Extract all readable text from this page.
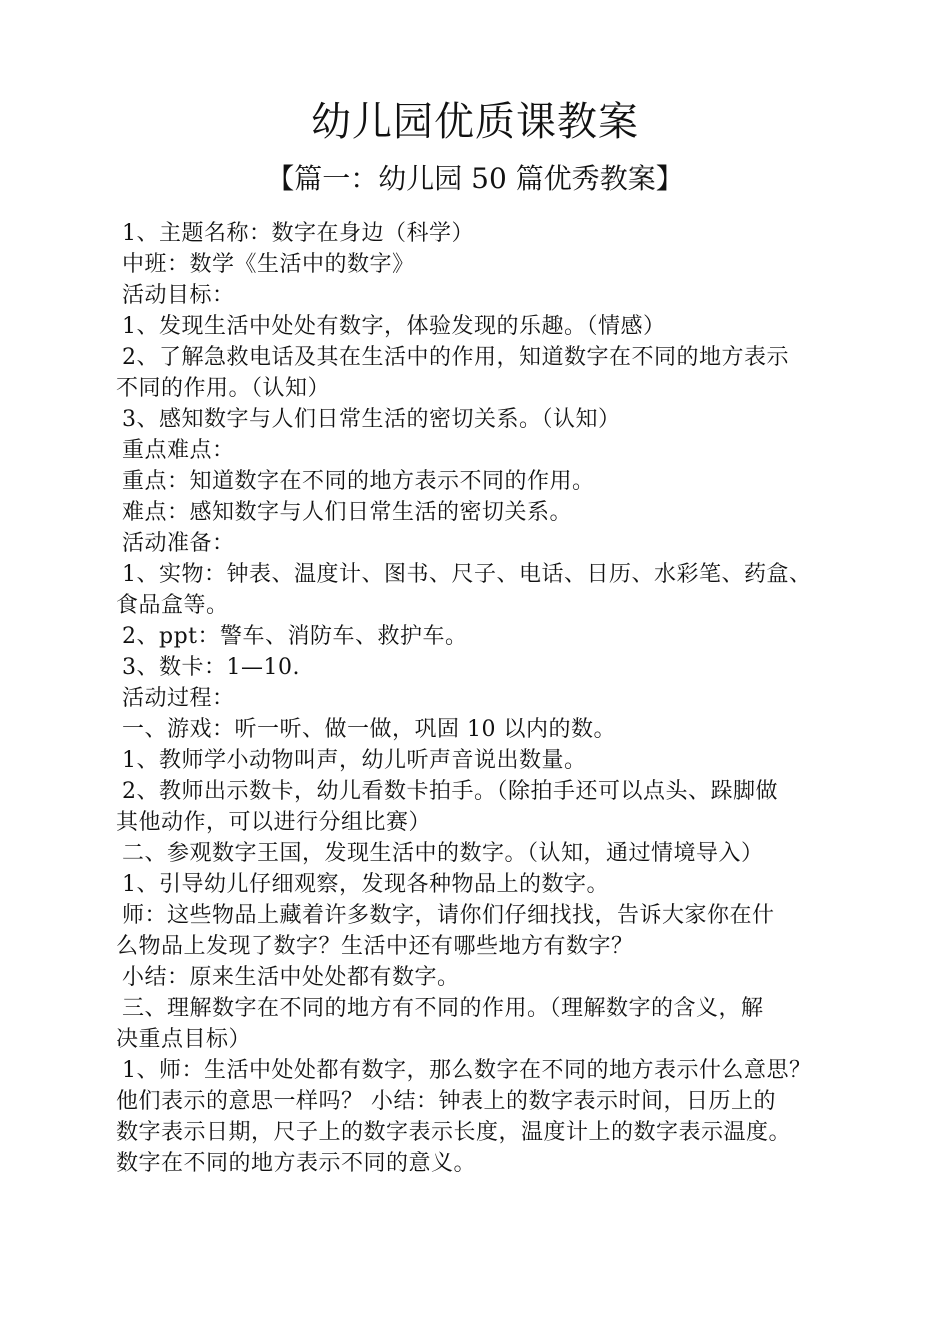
幼儿园优质课教案
【篇一：幼儿园 50 篇优秀教案】
1、主题名称：数字在身边（科学）
中班：数学《生活中的数字》
活动目标：
1、发现生活中处处有数字，体验发现的乐趣。（情感）
2、了解急救电话及其在生活中的作用，知道数字在不同的地方表示
不同的作用。（认知）
3、感知数字与人们日常生活的密切关系。（认知）
重点难点：
重点：知道数字在不同的地方表示不同的作用。
难点：感知数字与人们日常生活的密切关系。
活动准备：
1、实物：钟表、温度计、图书、尺子、电话、日历、水彩笔、药盒、
食品盒等。
2、ppt：警车、消防车、救护车。
3、数卡：1—10.
活动过程：
一、游戏：听一听、做一做，巩固 10 以内的数。
1、教师学小动物叫声，幼儿听声音说出数量。
2、教师出示数卡，幼儿看数卡拍手。（除拍手还可以点头、跺脚做
其他动作，可以进行分组比赛）
二、参观数字王国，发现生活中的数字。（认知，通过情境导入）
1、引导幼儿仔细观察，发现各种物品上的数字。
师：这些物品上藏着许多数字，请你们仔细找找，告诉大家你在什
么物品上发现了数字？生活中还有哪些地方有数字？
小结：原来生活中处处都有数字。
三、理解数字在不同的地方有不同的作用。（理解数字的含义，解
决重点目标）
1、师：生活中处处都有数字，那么数字在不同的地方表示什么意思？
他们表示的意思一样吗？ 小结：钟表上的数字表示时间，日历上的
数字表示日期，尺子上的数字表示长度，温度计上的数字表示温度。
数字在不同的地方表示不同的意义。
